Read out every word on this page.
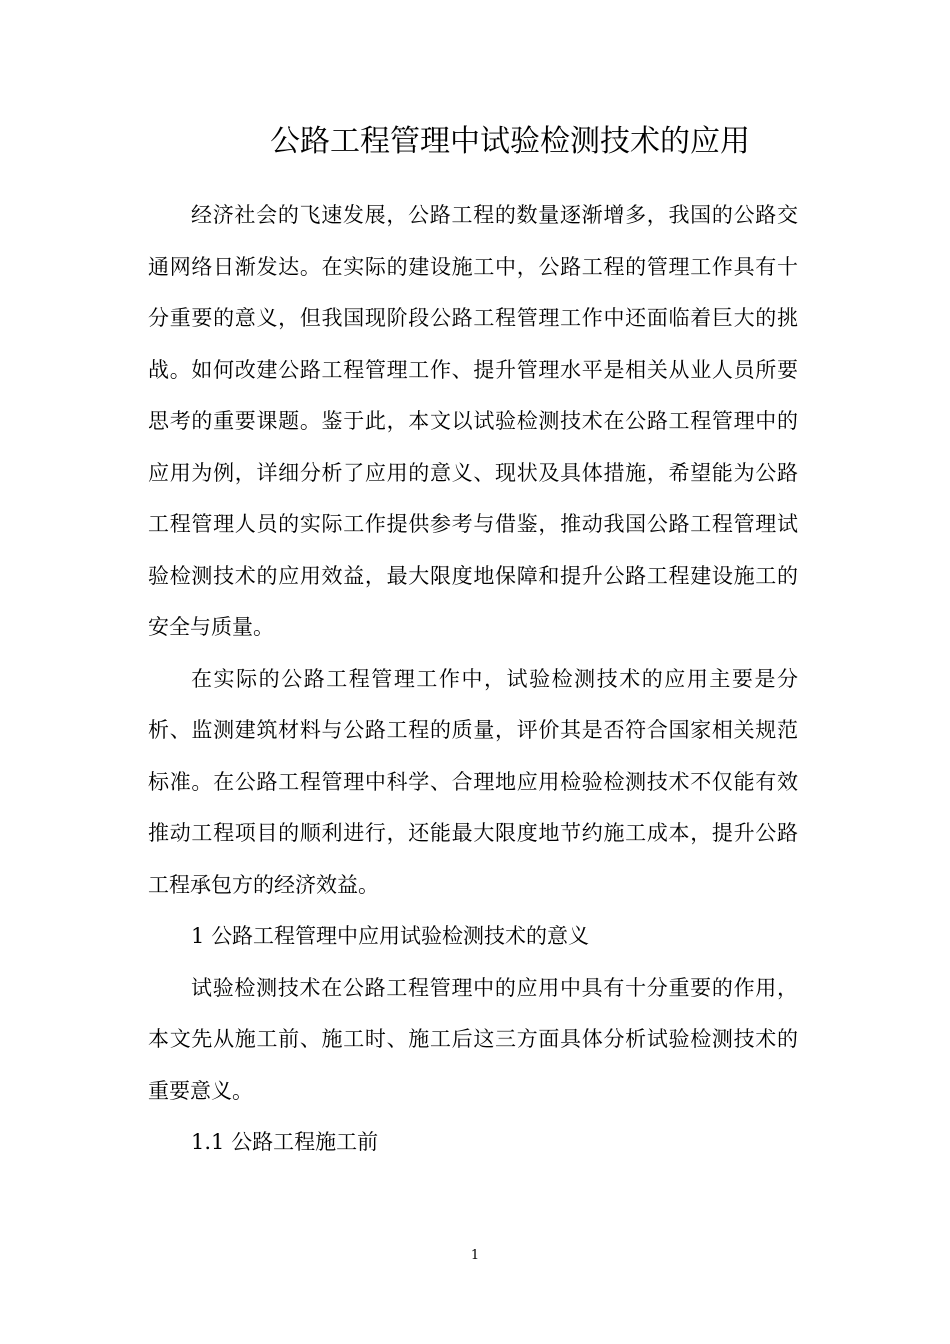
公路工程管理中试验检测技术的应用

经济社会的飞速发展，公路工程的数量逐渐增多，我国的公路交通网络日渐发达。在实际的建设施工中，公路工程的管理工作具有十分重要的意义，但我国现阶段公路工程管理工作中还面临着巨大的挑战。如何改建公路工程管理工作、提升管理水平是相关从业人员所要思考的重要课题。鉴于此，本文以试验检测技术在公路工程管理中的应用为例，详细分析了应用的意义、现状及具体措施，希望能为公路工程管理人员的实际工作提供参考与借鉴，推动我国公路工程管理试验检测技术的应用效益，最大限度地保障和提升公路工程建设施工的安全与质量。

在实际的公路工程管理工作中，试验检测技术的应用主要是分析、监测建筑材料与公路工程的质量，评价其是否符合国家相关规范标准。在公路工程管理中科学、合理地应用检验检测技术不仅能有效推动工程项目的顺利进行，还能最大限度地节约施工成本，提升公路工程承包方的经济效益。

1 公路工程管理中应用试验检测技术的意义

试验检测技术在公路工程管理中的应用中具有十分重要的作用，本文先从施工前、施工时、施工后这三方面具体分析试验检测技术的重要意义。

1.1 公路工程施工前

1
